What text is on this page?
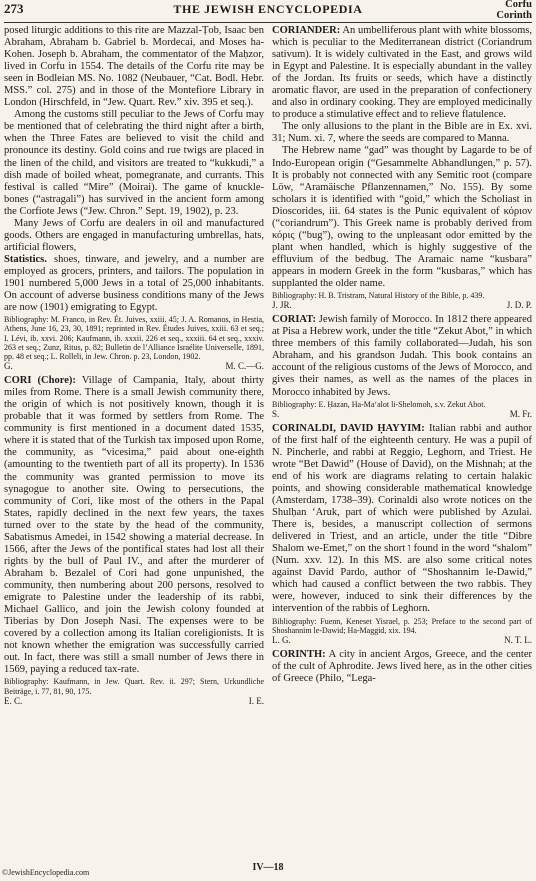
273	THE JEWISH ENCYCLOPEDIA	Corfu
Corinth

posed liturgic additions to this rite are Mazzal-Ṭob, Isaac ben Abraham, Abraham b. Gabriel b. Mordecai, and Moses ha-Kohen. Joseph b. Abraham, the commentator of the Maḥzor, lived in Corfu in 1554. The details of the Corfu rite may be seen in Bodleian MS. No. 1082 (Neubauer, “Cat. Bodl. Hebr. MSS.” col. 275) and in those of the Montefiore Library in London (Hirschfeld, in “Jew. Quart. Rev.” xiv. 395 et seq.).

Among the customs still peculiar to the Jews of Corfu may be mentioned that of celebrating the third night after a birth, when the Three Fates are believed to visit the child and pronounce its destiny. Gold coins and rue twigs are placed in the linen of the child, and visitors are treated to “kukkudi,” a dish made of boiled wheat, pomegranate, and currants. This festival is called “Mire” (Moirai). The game of knuckle-bones (“astragali”) has survived in the ancient form among the Corfiote Jews (“Jew. Chron.” Sept. 19, 1902), p. 23.

Many Jews of Corfu are dealers in oil and manufactured goods. Others are engaged in manufacturing umbrellas, hats, artificial flowers,

Statistics. shoes, tinware, and jewelry, and a number are employed as grocers, printers, and tailors. The population in 1901 numbered 5,000 Jews in a total of 25,000 inhabitants. On account of adverse business conditions many of the Jews are now (1901) emigrating to Egypt.

Bibliography: M. Franco, in Rev. Ét. Juives, xxiii. 45; J. A. Romanos, in Hestia, Athens, June 16, 23, 30, 1891; reprinted in Rev. Études Juives, xxiii. 63 et seq.; I. Lévi, ib. xxvi. 206; Kaufmann, ib. xxxii. 226 et seq., xxxiii. 64 et seq., xxxiv. 263 et seq.; Zunz, Ritus, p. 82; Bulletin de l’Alliance Israélite Universelle, 1891, pp. 48 et seq.; L. Rolleli, in Jew. Chron. p. 23, London, 1902.

G.	M. C.—G.

CORI (Chore): Village of Campania, Italy, about thirty miles from Rome. There is a small Jewish community there, the origin of which is not positively known, though it is probable that it was formed by settlers from Rome. The community is first mentioned in a document dated 1535, where it is stated that of the Turkish tax imposed upon Rome, the community, as “vicesima,” paid about one-eighth (amounting to the twentieth part of all its property). In 1536 the community was granted permission to move its synagogue to another site. Owing to persecutions, the community of Cori, like most of the others in the Papal States, rapidly declined in the next few years, the taxes turned over to the state by the head of the community, Sabatismus Amedei, in 1542 showing a material decrease. In 1566, after the Jews of the pontifical states had lost all their rights by the bull of Paul IV., and after the murderer of Abraham b. Bezalel of Cori had gone unpunished, the community, then numbering about 200 persons, resolved to emigrate to Palestine under the leadership of its rabbi, Michael Gallico, and join the Jewish colony founded at Tiberias by Don Joseph Nasi. The expenses were to be covered by a collection among its Italian coreligionists. It is not known whether the emigration was successfully carried out. In fact, there was still a small number of Jews there in 1569, paying a reduced tax-rate.

Bibliography: Kaufmann, in Jew. Quart. Rev. ii. 297; Stern, Urkundliche Beiträge, i. 77, 81, 90, 175.

E. C.	I. E.

CORIANDER: An umbelliferous plant with white blossoms, which is peculiar to the Mediterranean district (Coriandrum sativum). It is widely cultivated in the East, and grows wild in Egypt and Palestine. It is especially abundant in the valley of the Jordan. Its fruits or seeds, which have a distinctly aromatic flavor, are used in the preparation of confectionery and also in ordinary cooking. They are employed medicinally to produce a stimulative effect and to relieve flatulence.

The only allusions to the plant in the Bible are in Ex. xvi. 31; Num. xi. 7, where the seeds are compared to Manna.

The Hebrew name “gad” was thought by Lagarde to be of Indo-European origin (“Gesammelte Abhandlungen,” p. 57). It is probably not connected with any Semitic root (compare Löw, “Aramäische Pflanzennamen,” No. 155). By some scholars it is identified with “goid,” which the Scholiast in Dioscorides, iii. 64 states is the Punic equivalent of κόριον (“coriandrum”). This Greek name is probably derived from κόρις (“bug”), owing to the unpleasant odor emitted by the plant when handled, which is highly suggestive of the effluvium of the bedbug. The Aramaic name “kusbara” appears in modern Greek in the form “kusbaras,” which has supplanted the older name.

Bibliography: H. B. Tristram, Natural History of the Bible, p. 439.

J. JR.	J. D. P.

CORIAT: Jewish family of Morocco. In 1812 there appeared at Pisa a Hebrew work, under the title “Zekut Abot,” in which three members of this family collaborated—Judah, his son Abraham, and his grandson Judah. This book contains an account of the religious customs of the Jews of Morocco, and gives their names, as well as the names of the places in Morocco inhabited by Jews.

Bibliography: E. Ḥazan, Ha-Ma‘alot li-Shelomoh, s.v. Zekut Abot.

S.	M. Fr.

CORINALDI, DAVID ḤAYYIM: Italian rabbi and author of the first half of the eighteenth century. He was a pupil of N. Pincherle, and rabbi at Reggio, Leghorn, and Triest. He wrote “Bet Dawid” (House of David), on the Mishnah; at the end of his work are diagrams relating to certain halakic points, and showing considerable mathematical knowledge (Amsterdam, 1738–39). Corinaldi also wrote notices on the Shulḥan ‘Aruk, part of which were published by Azulai. There is, besides, a manuscript collection of sermons delivered in Triest, and an article, under the title “Dibre Shalom we-Emet,” on the short ו found in the word “shalom” (Num. xxv. 12). In this MS. are also some critical notes against David Pardo, author of “Shoshannim le-Dawid,” which had caused a conflict between the two rabbis. They were, however, induced to sink their differences by the intervention of the rabbis of Leghorn.

Bibliography: Fuenn, Keneset Yisrael, p. 253; Preface to the second part of Shoshannim le-Dawid; Ha-Maggid, xix. 194.

L. G.	N. T. L.

CORINTH: A city in ancient Argos, Greece, and the center of the cult of Aphrodite. Jews lived here, as in the other cities of Greece (Philo, “Lega-

©JewishEncyclopedia.com	IV—18
